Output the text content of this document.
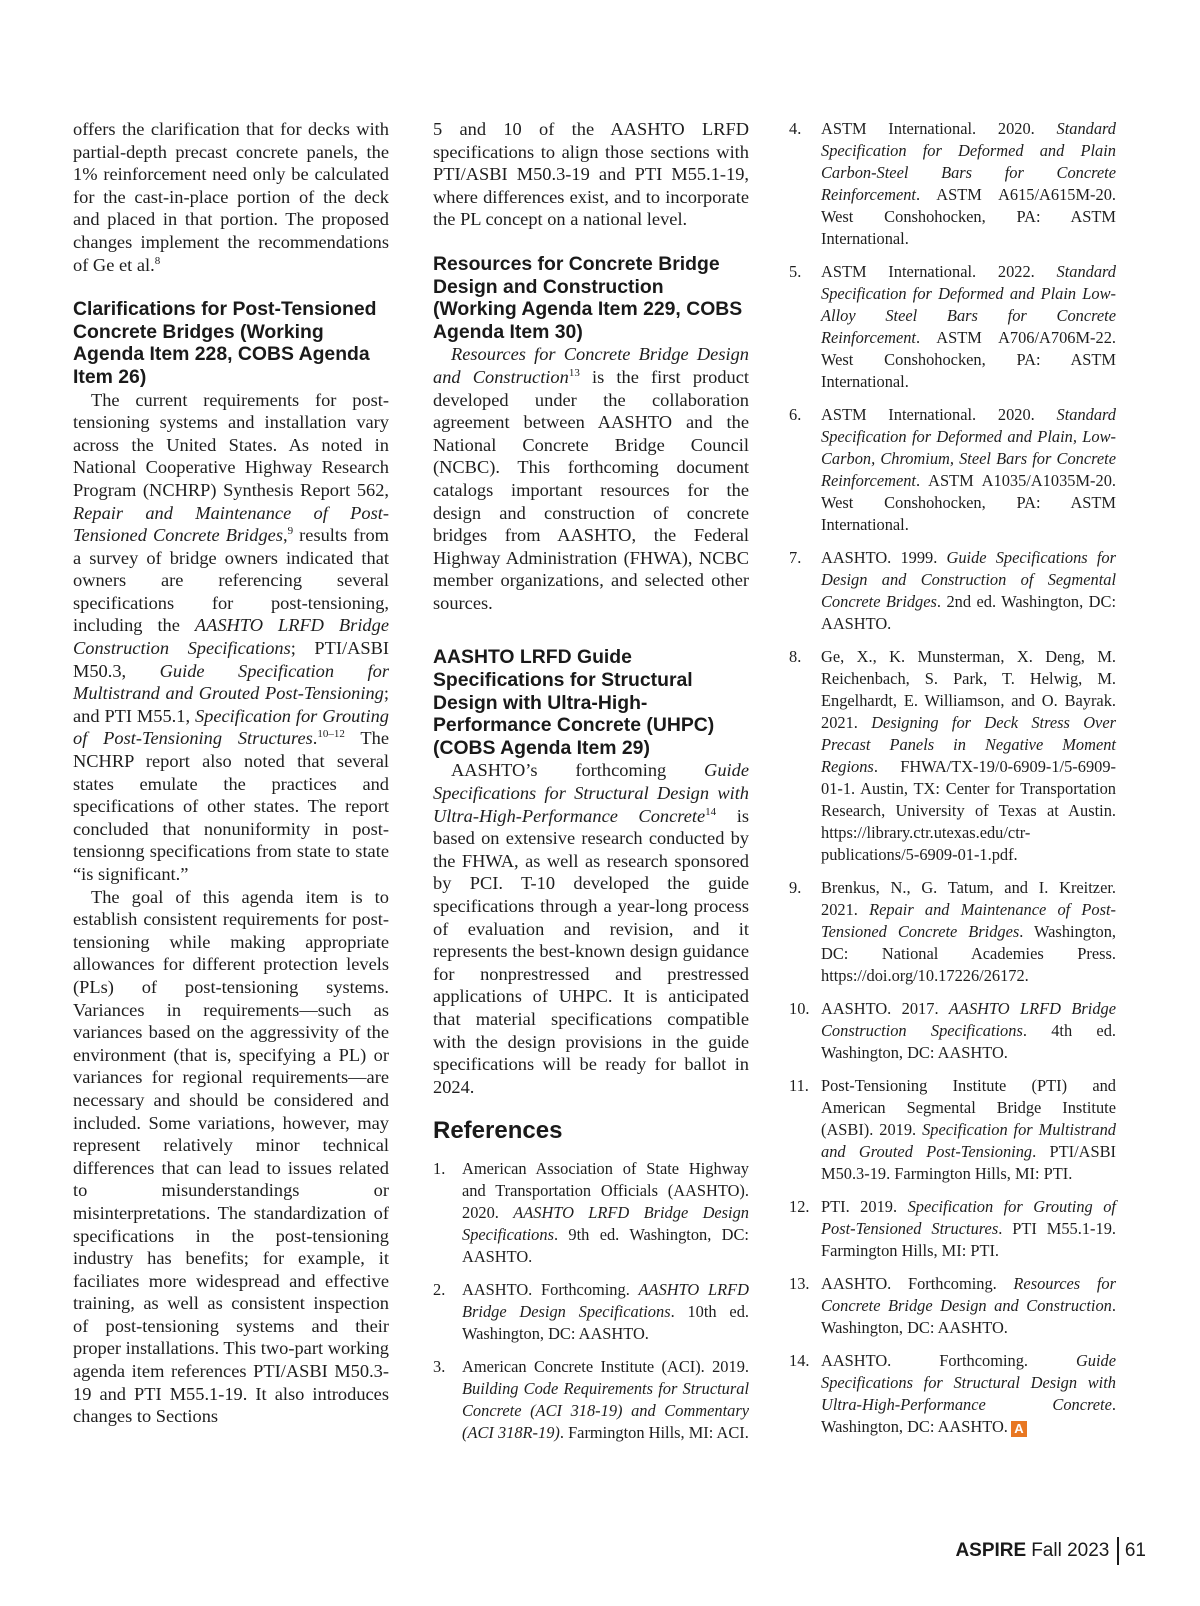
offers the clarification that for decks with partial-depth precast concrete panels, the 1% reinforcement need only be calculated for the cast-in-place portion of the deck and placed in that portion. The proposed changes implement the recommendations of Ge et al.$^8$

Clarifications for Post-Tensioned Concrete Bridges (Working Agenda Item 228, COBS Agenda Item 26)

The current requirements for post-tensioning systems and installation vary across the United States. As noted in National Cooperative Highway Research Program (NCHRP) Synthesis Report 562, Repair and Maintenance of Post-Tensioned Concrete Bridges,$^9$ results from a survey of bridge owners indicated that owners are referencing several specifications for post-tensioning, including the AASHTO LRFD Bridge Construction Specifications; PTI/ASBI M50.3, Guide Specification for Multistrand and Grouted Post-Tensioning; and PTI M55.1, Specification for Grouting of Post-Tensioning Structures.$^{10-12}$ The NCHRP report also noted that several states emulate the practices and specifications of other states. The report concluded that nonuniformity in post-tensionng specifications from state to state “is significant.”

The goal of this agenda item is to establish consistent requirements for post-tensioning while making appropriate allowances for different protection levels (PLs) of post-tensioning systems. Variances in requirements—such as variances based on the aggressivity of the environment (that is, specifying a PL) or variances for regional requirements—are necessary and should be considered and included. Some variations, however, may represent relatively minor technical differences that can lead to issues related to misunderstandings or misinterpretations. The standardization of specifications in the post-tensioning industry has benefits; for example, it faciliates more widespread and effective training, as well as consistent inspection of post-tensioning systems and their proper installations. This two-part working agenda item references PTI/ASBI M50.3-19 and PTI M55.1-19. It also introduces changes to Sections

5 and 10 of the AASHTO LRFD specifications to align those sections with PTI/ASBI M50.3-19 and PTI M55.1-19, where differences exist, and to incorporate the PL concept on a national level.

Resources for Concrete Bridge Design and Construction (Working Agenda Item 229, COBS Agenda Item 30)

Resources for Concrete Bridge Design and Construction$^{13}$ is the first product developed under the collaboration agreement between AASHTO and the National Concrete Bridge Council (NCBC). This forthcoming document catalogs important resources for the design and construction of concrete bridges from AASHTO, the Federal Highway Administration (FHWA), NCBC member organizations, and selected other sources.

AASHTO LRFD Guide Specifications for Structural Design with Ultra-High-Performance Concrete (UHPC) (COBS Agenda Item 29)

AASHTO’s forthcoming Guide Specifications for Structural Design with Ultra-High-Performance Concrete$^{14}$ is based on extensive research conducted by the FHWA, as well as research sponsored by PCI. T-10 developed the guide specifications through a year-long process of evaluation and revision, and it represents the best-known design guidance for nonprestressed and prestressed applications of UHPC. It is anticipated that material specifications compatible with the design provisions in the guide specifications will be ready for ballot in 2024.

References
1. American Association of State Highway and Transportation Officials (AASHTO). 2020. AASHTO LRFD Bridge Design Specifications. 9th ed. Washington, DC: AASHTO.
2. AASHTO. Forthcoming. AASHTO LRFD Bridge Design Specifications. 10th ed. Washington, DC: AASHTO.
3. American Concrete Institute (ACI). 2019. Building Code Requirements for Structural Concrete (ACI 318-19) and Commentary (ACI 318R-19). Farmington Hills, MI: ACI.
4. ASTM International. 2020. Standard Specification for Deformed and Plain Carbon-Steel Bars for Concrete Reinforcement. ASTM A615/A615M-20. West Conshohocken, PA: ASTM International.
5. ASTM International. 2022. Standard Specification for Deformed and Plain Low-Alloy Steel Bars for Concrete Reinforcement. ASTM A706/A706M-22. West Conshohocken, PA: ASTM International.
6. ASTM International. 2020. Standard Specification for Deformed and Plain, Low-Carbon, Chromium, Steel Bars for Concrete Reinforcement. ASTM A1035/A1035M-20. West Conshohocken, PA: ASTM International.
7. AASHTO. 1999. Guide Specifications for Design and Construction of Segmental Concrete Bridges. 2nd ed. Washington, DC: AASHTO.
8. Ge, X., K. Munsterman, X. Deng, M. Reichenbach, S. Park, T. Helwig, M. Engelhardt, E. Williamson, and O. Bayrak. 2021. Designing for Deck Stress Over Precast Panels in Negative Moment Regions. FHWA/TX-19/0-6909-1/5-6909-01-1. Austin, TX: Center for Transportation Research, University of Texas at Austin. https://library.ctr.utexas.edu/ctr-publications/5-6909-01-1.pdf.
9. Brenkus, N., G. Tatum, and I. Kreitzer. 2021. Repair and Maintenance of Post-Tensioned Concrete Bridges. Washington, DC: National Academies Press. https://doi.org/10.17226/26172.
10. AASHTO. 2017. AASHTO LRFD Bridge Construction Specifications. 4th ed. Washington, DC: AASHTO.
11. Post-Tensioning Institute (PTI) and American Segmental Bridge Institute (ASBI). 2019. Specification for Multistrand and Grouted Post-Tensioning. PTI/ASBI M50.3-19. Farmington Hills, MI: PTI.
12. PTI. 2019. Specification for Grouting of Post-Tensioned Structures. PTI M55.1-19. Farmington Hills, MI: PTI.
13. AASHTO. Forthcoming. Resources for Concrete Bridge Design and Construction. Washington, DC: AASHTO.
14. AASHTO. Forthcoming. Guide Specifications for Structural Design with Ultra-High-Performance Concrete. Washington, DC: AASHTO. A
ASPIRE Fall 2023 61
